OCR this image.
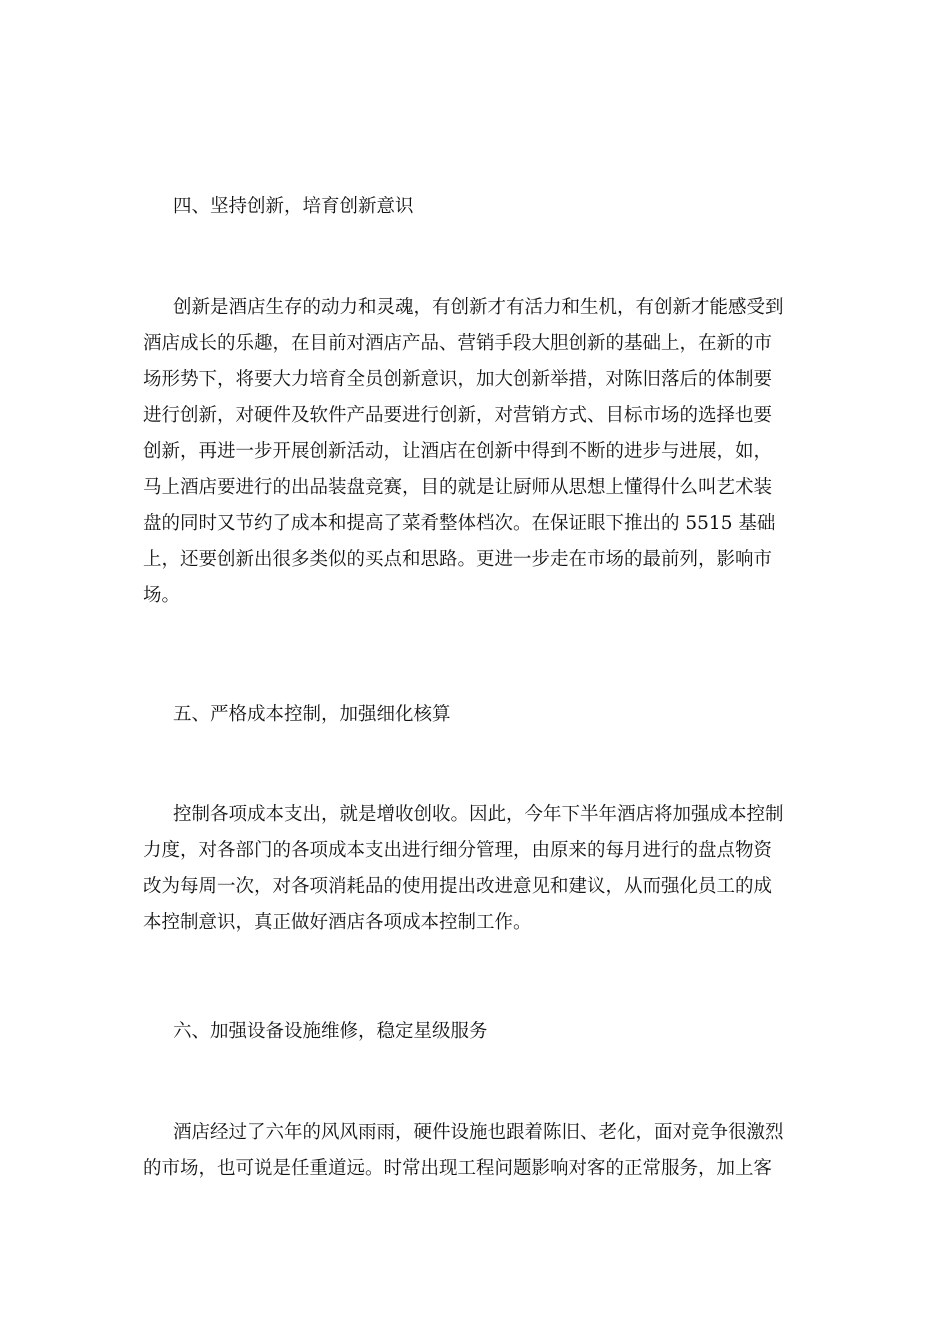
四、坚持创新，培育创新意识
创新是酒店生存的动力和灵魂，有创新才有活力和生机，有创新才能感受到
酒店成长的乐趣，在目前对酒店产品、营销手段大胆创新的基础上，在新的市
场形势下，将要大力培育全员创新意识，加大创新举措，对陈旧落后的体制要
进行创新，对硬件及软件产品要进行创新，对营销方式、目标市场的选择也要
创新，再进一步开展创新活动，让酒店在创新中得到不断的进步与进展，如，
马上酒店要进行的出品装盘竞赛，目的就是让厨师从思想上懂得什么叫艺术装
盘的同时又节约了成本和提高了菜肴整体档次。在保证眼下推出的 5515 基础
上，还要创新出很多类似的买点和思路。更进一步走在市场的最前列，影响市
场。
五、严格成本控制，加强细化核算
控制各项成本支出，就是增收创收。因此，今年下半年酒店将加强成本控制
力度，对各部门的各项成本支出进行细分管理，由原来的每月进行的盘点物资
改为每周一次，对各项消耗品的使用提出改进意见和建议，从而强化员工的成
本控制意识，真正做好酒店各项成本控制工作。
六、加强设备设施维修，稳定星级服务
酒店经过了六年的风风雨雨，硬件设施也跟着陈旧、老化，面对竞争很激烈
的市场，也可说是任重道远。时常出现工程问题影响对客的正常服务，加上客
